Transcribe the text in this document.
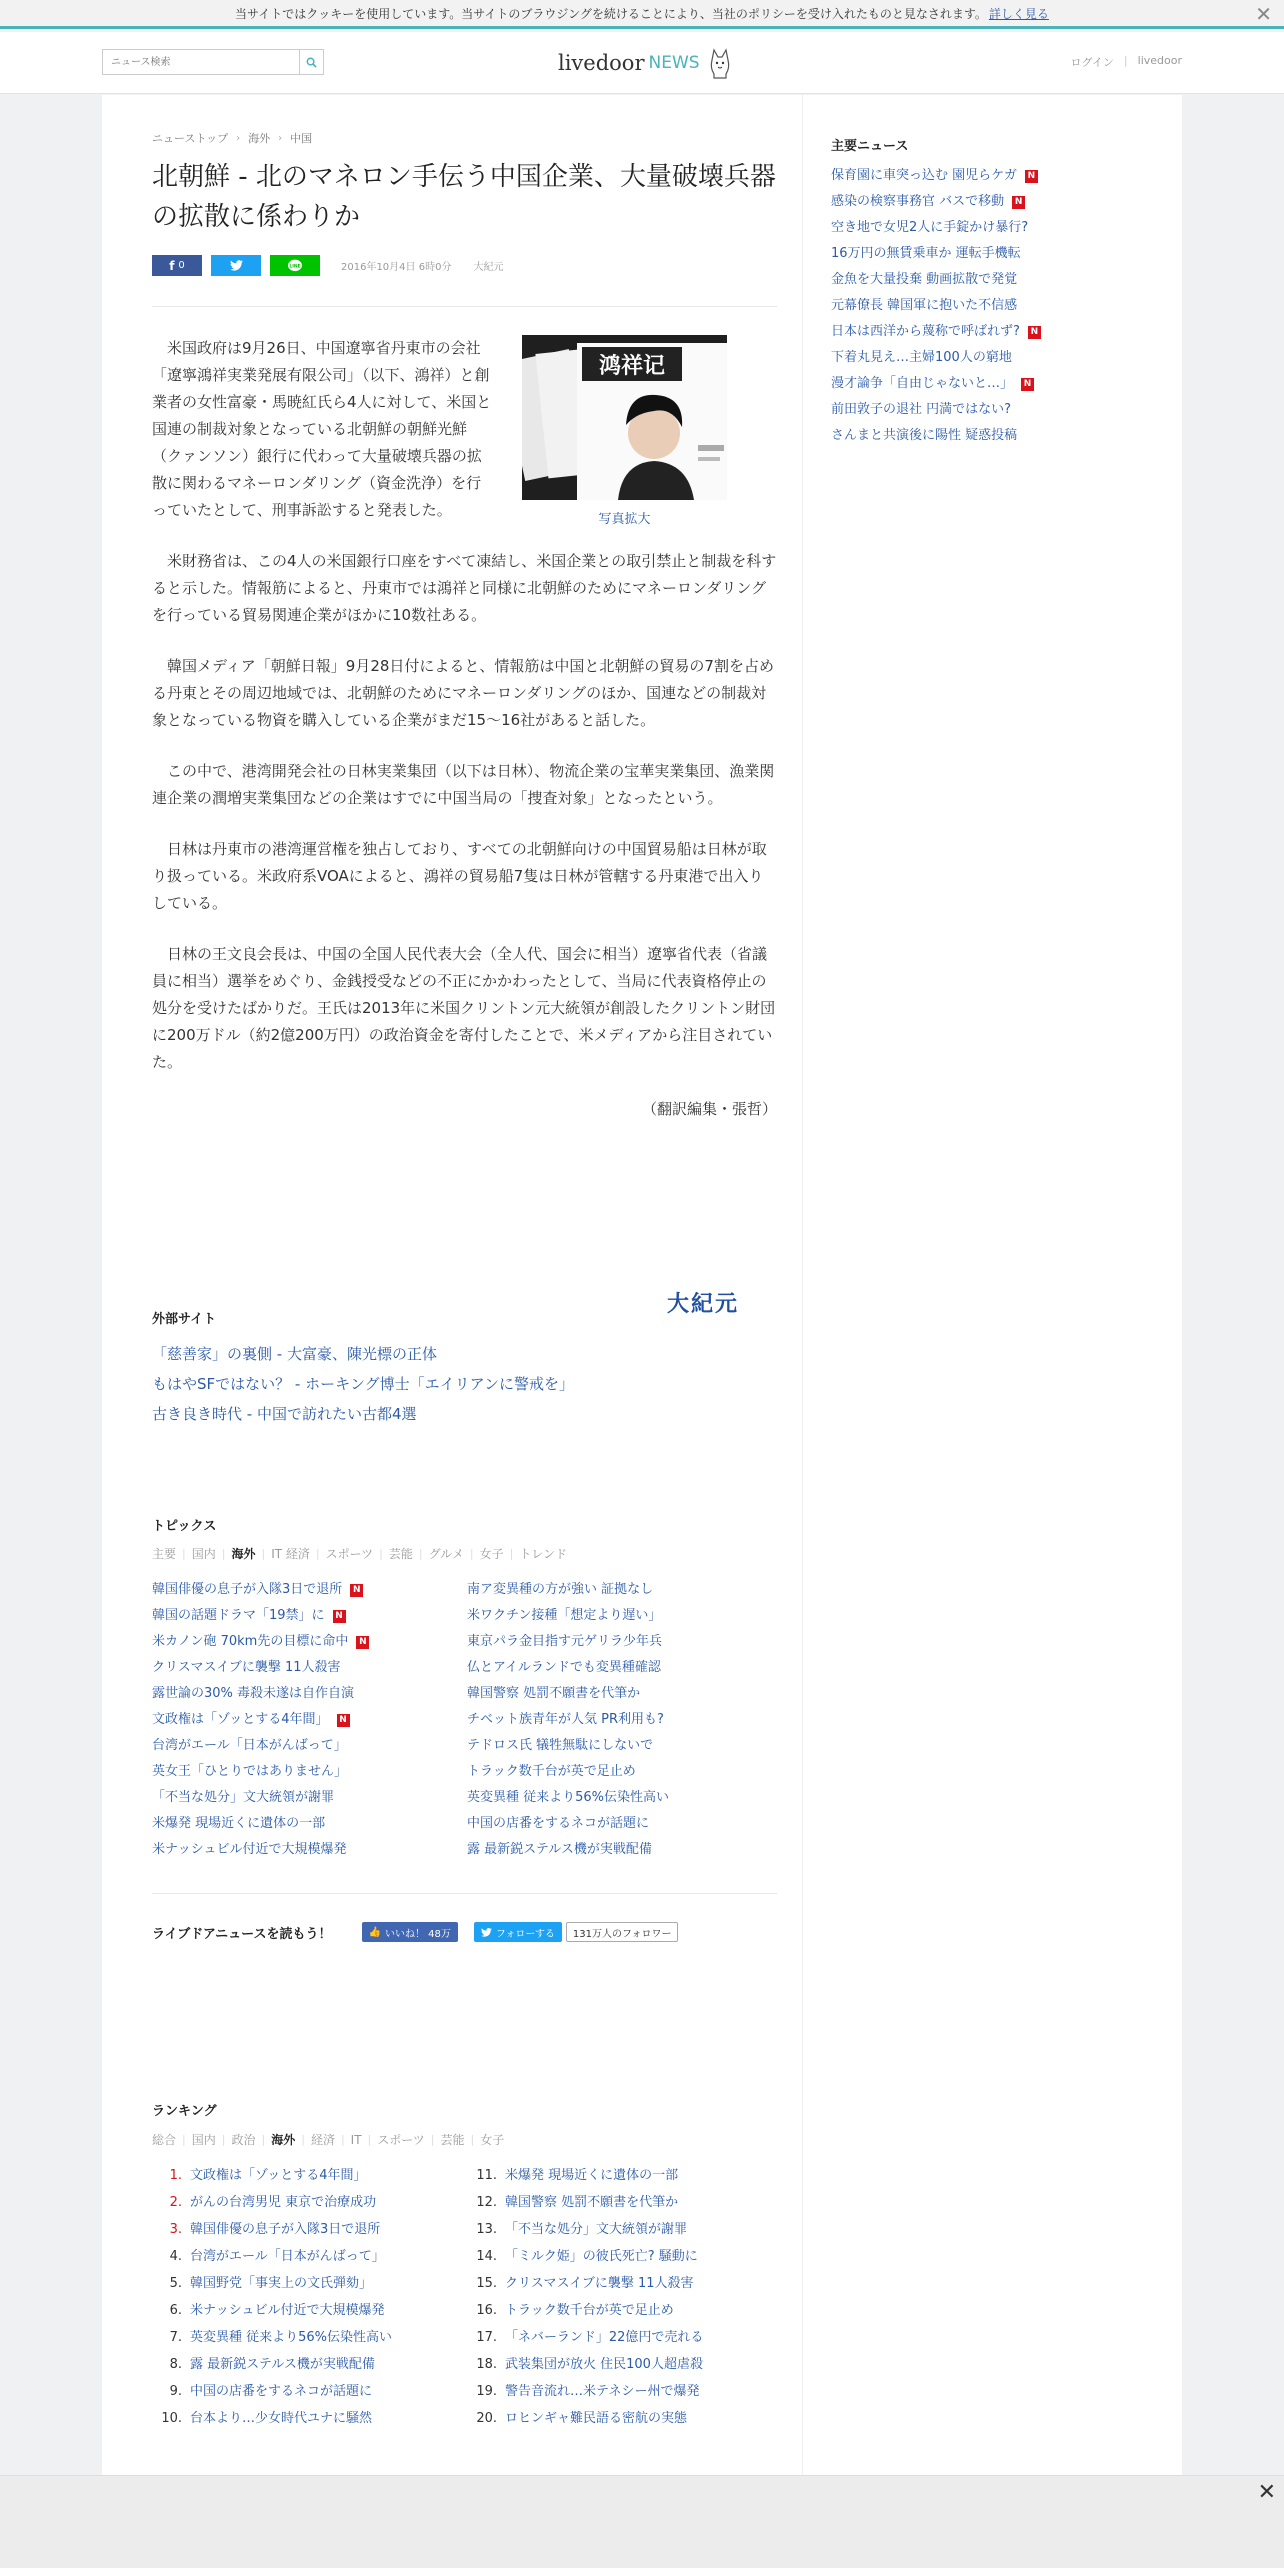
当サイトではクッキーを使用しています。当サイトのブラウジングを続けることにより、当社のポリシーを受け入れたものと見なされます。 詳しく見る	✕
ニュース検索
livedoor NEWS	ログイン | livedoor
ニューストップ › 海外 › 中国
北朝鮮 - 北のマネロン手伝う中国企業、大量破壊兵器の拡散に係わりか
f 0	LINE	2016年10月4日 6時0分 大紀元
鸿祥记
写真拡大

米国政府は9月26日、中国遼寧省丹東市の会社「遼寧鴻祥実業発展有限公司」（以下、鴻祥）と創業者の女性富豪・馬暁紅氏ら4人に対して、米国と国連の制裁対象となっている北朝鮮の朝鮮光鮮（クァンソン）銀行に代わって大量破壊兵器の拡散に関わるマネーロンダリング（資金洗浄）を行っていたとして、刑事訴訟すると発表した。

米財務省は、この4人の米国銀行口座をすべて凍結し、米国企業との取引禁止と制裁を科すると示した。情報筋によると、丹東市では鴻祥と同様に北朝鮮のためにマネーロンダリングを行っている貿易関連企業がほかに10数社ある。

韓国メディア「朝鮮日報」9月28日付によると、情報筋は中国と北朝鮮の貿易の7割を占める丹東とその周辺地域では、北朝鮮のためにマネーロンダリングのほか、国連などの制裁対象となっている物資を購入している企業がまだ15～16社があると話した。

この中で、港湾開発会社の日林実業集団（以下は日林）、物流企業の宝華実業集団、漁業関連企業の潤増実業集団などの企業はすでに中国当局の「捜査対象」となったという。

日林は丹東市の港湾運営権を独占しており、すべての北朝鮮向けの中国貿易船は日林が取り扱っている。米政府系VOAによると、鴻祥の貿易船7隻は日林が管轄する丹東港で出入りしている。

日林の王文良会長は、中国の全国人民代表大会（全人代、国会に相当）遼寧省代表（省議員に相当）選挙をめぐり、金銭授受などの不正にかかわったとして、当局に代表資格停止の処分を受けたばかりだ。王氏は2013年に米国クリントン元大統領が創設したクリントン財団に200万ドル（約2億200万円）の政治資金を寄付したことで、米メディアから注目されていた。

（翻訳編集・張哲）

大紀元
外部サイト
「慈善家」の裏側 - 大富豪、陳光標の正体
もはやSFではない？ - ホーキング博士「エイリアンに警戒を」
古き良き時代 - 中国で訪れたい古都4選
トピックス
主要 | 国内 | 海外 | IT 経済 | スポーツ | 芸能 | グルメ | 女子 | トレンド
韓国俳優の息子が入隊3日で退所	N	南ア変異種の方が強い 証拠なし
韓国の話題ドラマ「19禁」に	N	米ワクチン接種「想定より遅い」
米カノン砲 70km先の目標に命中	N	東京パラ金目指す元ゲリラ少年兵
クリスマスイブに襲撃 11人殺害	仏とアイルランドでも変異種確認
露世論の30% 毒殺未遂は自作自演	韓国警察 処罰不願書を代筆か
文政権は「ゾッとする4年間」	N	チベット族青年が人気 PR利用も?
台湾がエール「日本がんばって」	テドロス氏 犠牲無駄にしないで
英女王「ひとりではありません」	トラック数千台が英で足止め
「不当な処分」文大統領が謝罪	英変異種 従来より56%伝染性高い
米爆発 現場近くに遺体の一部	中国の店番をするネコが話題に
米ナッシュビル付近で大規模爆発	露 最新鋭ステルス機が実戦配備
ライブドアニュースを読もう！	👍 いいね！ 48万	フォローする	131万人のフォロワー
ランキング
総合 | 国内 | 政治 | 海外 | 経済 | IT | スポーツ | 芸能 | 女子
1. 文政権は「ゾッとする4年間」	11. 米爆発 現場近くに遺体の一部
2. がんの台湾男児 東京で治療成功	12. 韓国警察 処罰不願書を代筆か
3. 韓国俳優の息子が入隊3日で退所	13. 「不当な処分」文大統領が謝罪
4. 台湾がエール「日本がんばって」	14. 「ミルク姫」の彼氏死亡? 騒動に
5. 韓国野党「事実上の文氏弾劾」	15. クリスマスイブに襲撃 11人殺害
6. 米ナッシュビル付近で大規模爆発	16. トラック数千台が英で足止め
7. 英変異種 従来より56%伝染性高い	17. 「ネバーランド」22億円で売れる
8. 露 最新鋭ステルス機が実戦配備	18. 武装集団が放火 住民100人超虐殺
9. 中国の店番をするネコが話題に	19. 警告音流れ…米テネシー州で爆発
10. 台本より…少女時代ユナに騒然	20. ロヒンギャ難民語る密航の実態
主要ニュース
保育園に車突っ込む 園児らケガ	N
感染の検察事務官 バスで移動	N
空き地で女児2人に手錠かけ暴行?
16万円の無賃乗車か 運転手機転
金魚を大量投棄 動画拡散で発覚
元幕僚長 韓国軍に抱いた不信感
日本は西洋から蔑称で呼ばれず?	N
下着丸見え…主婦100人の窮地
漫才論争「自由じゃないと…」	N
前田敦子の退社 円満ではない?
さんまと共演後に陽性 疑惑投稿
✕
